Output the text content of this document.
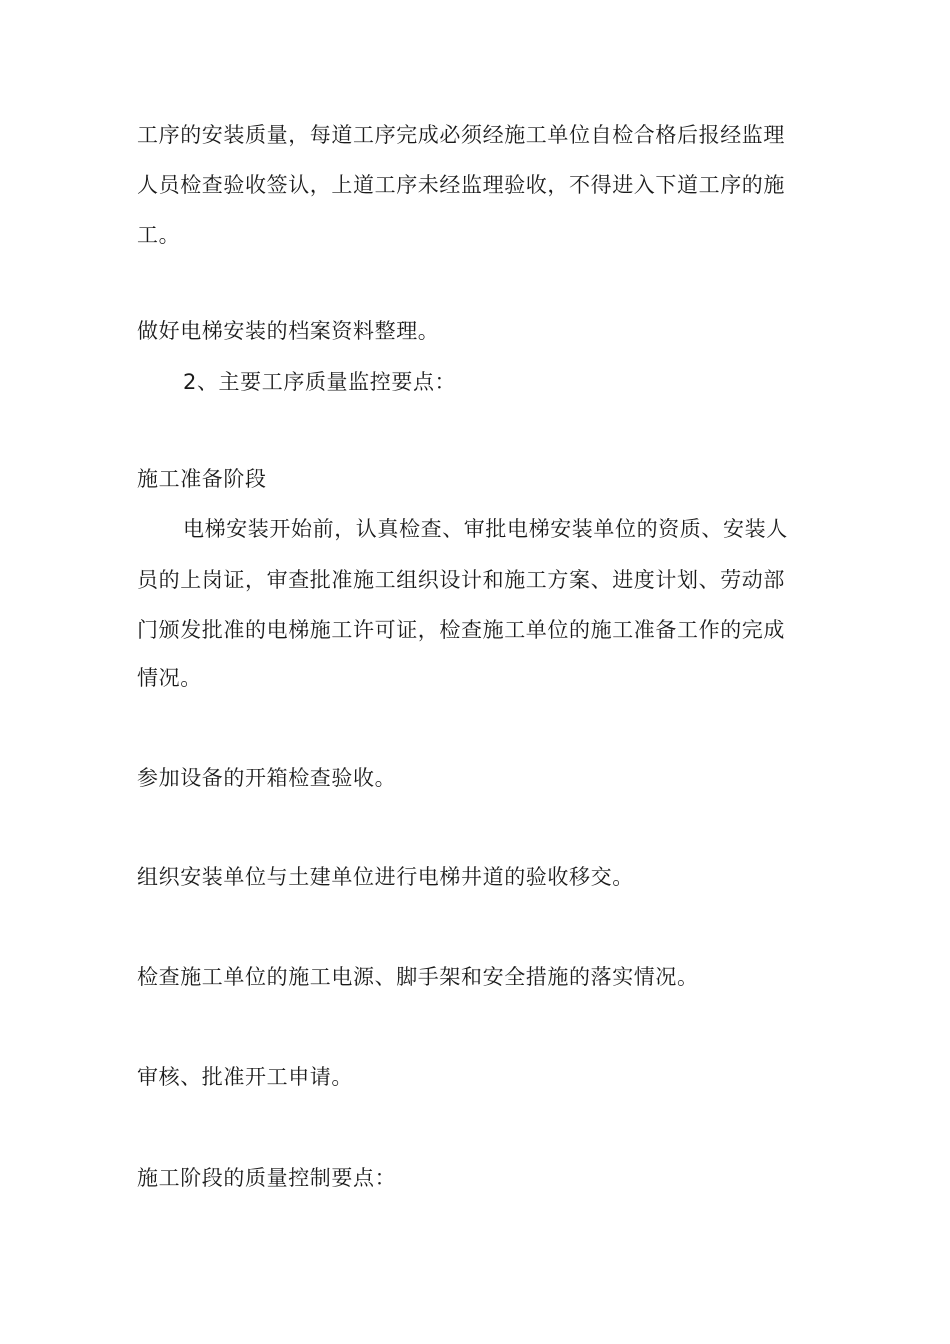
工序的安装质量，每道工序完成必须经施工单位自检合格后报经监理
人员检查验收签认，上道工序未经监理验收，不得进入下道工序的施
工。
做好电梯安装的档案资料整理。
2、主要工序质量监控要点：
施工准备阶段
电梯安装开始前，认真检查、审批电梯安装单位的资质、安装人
员的上岗证，审查批准施工组织设计和施工方案、进度计划、劳动部
门颁发批准的电梯施工许可证，检查施工单位的施工准备工作的完成
情况。
参加设备的开箱检查验收。
组织安装单位与土建单位进行电梯井道的验收移交。
检查施工单位的施工电源、脚手架和安全措施的落实情况。
审核、批准开工申请。
施工阶段的质量控制要点：
